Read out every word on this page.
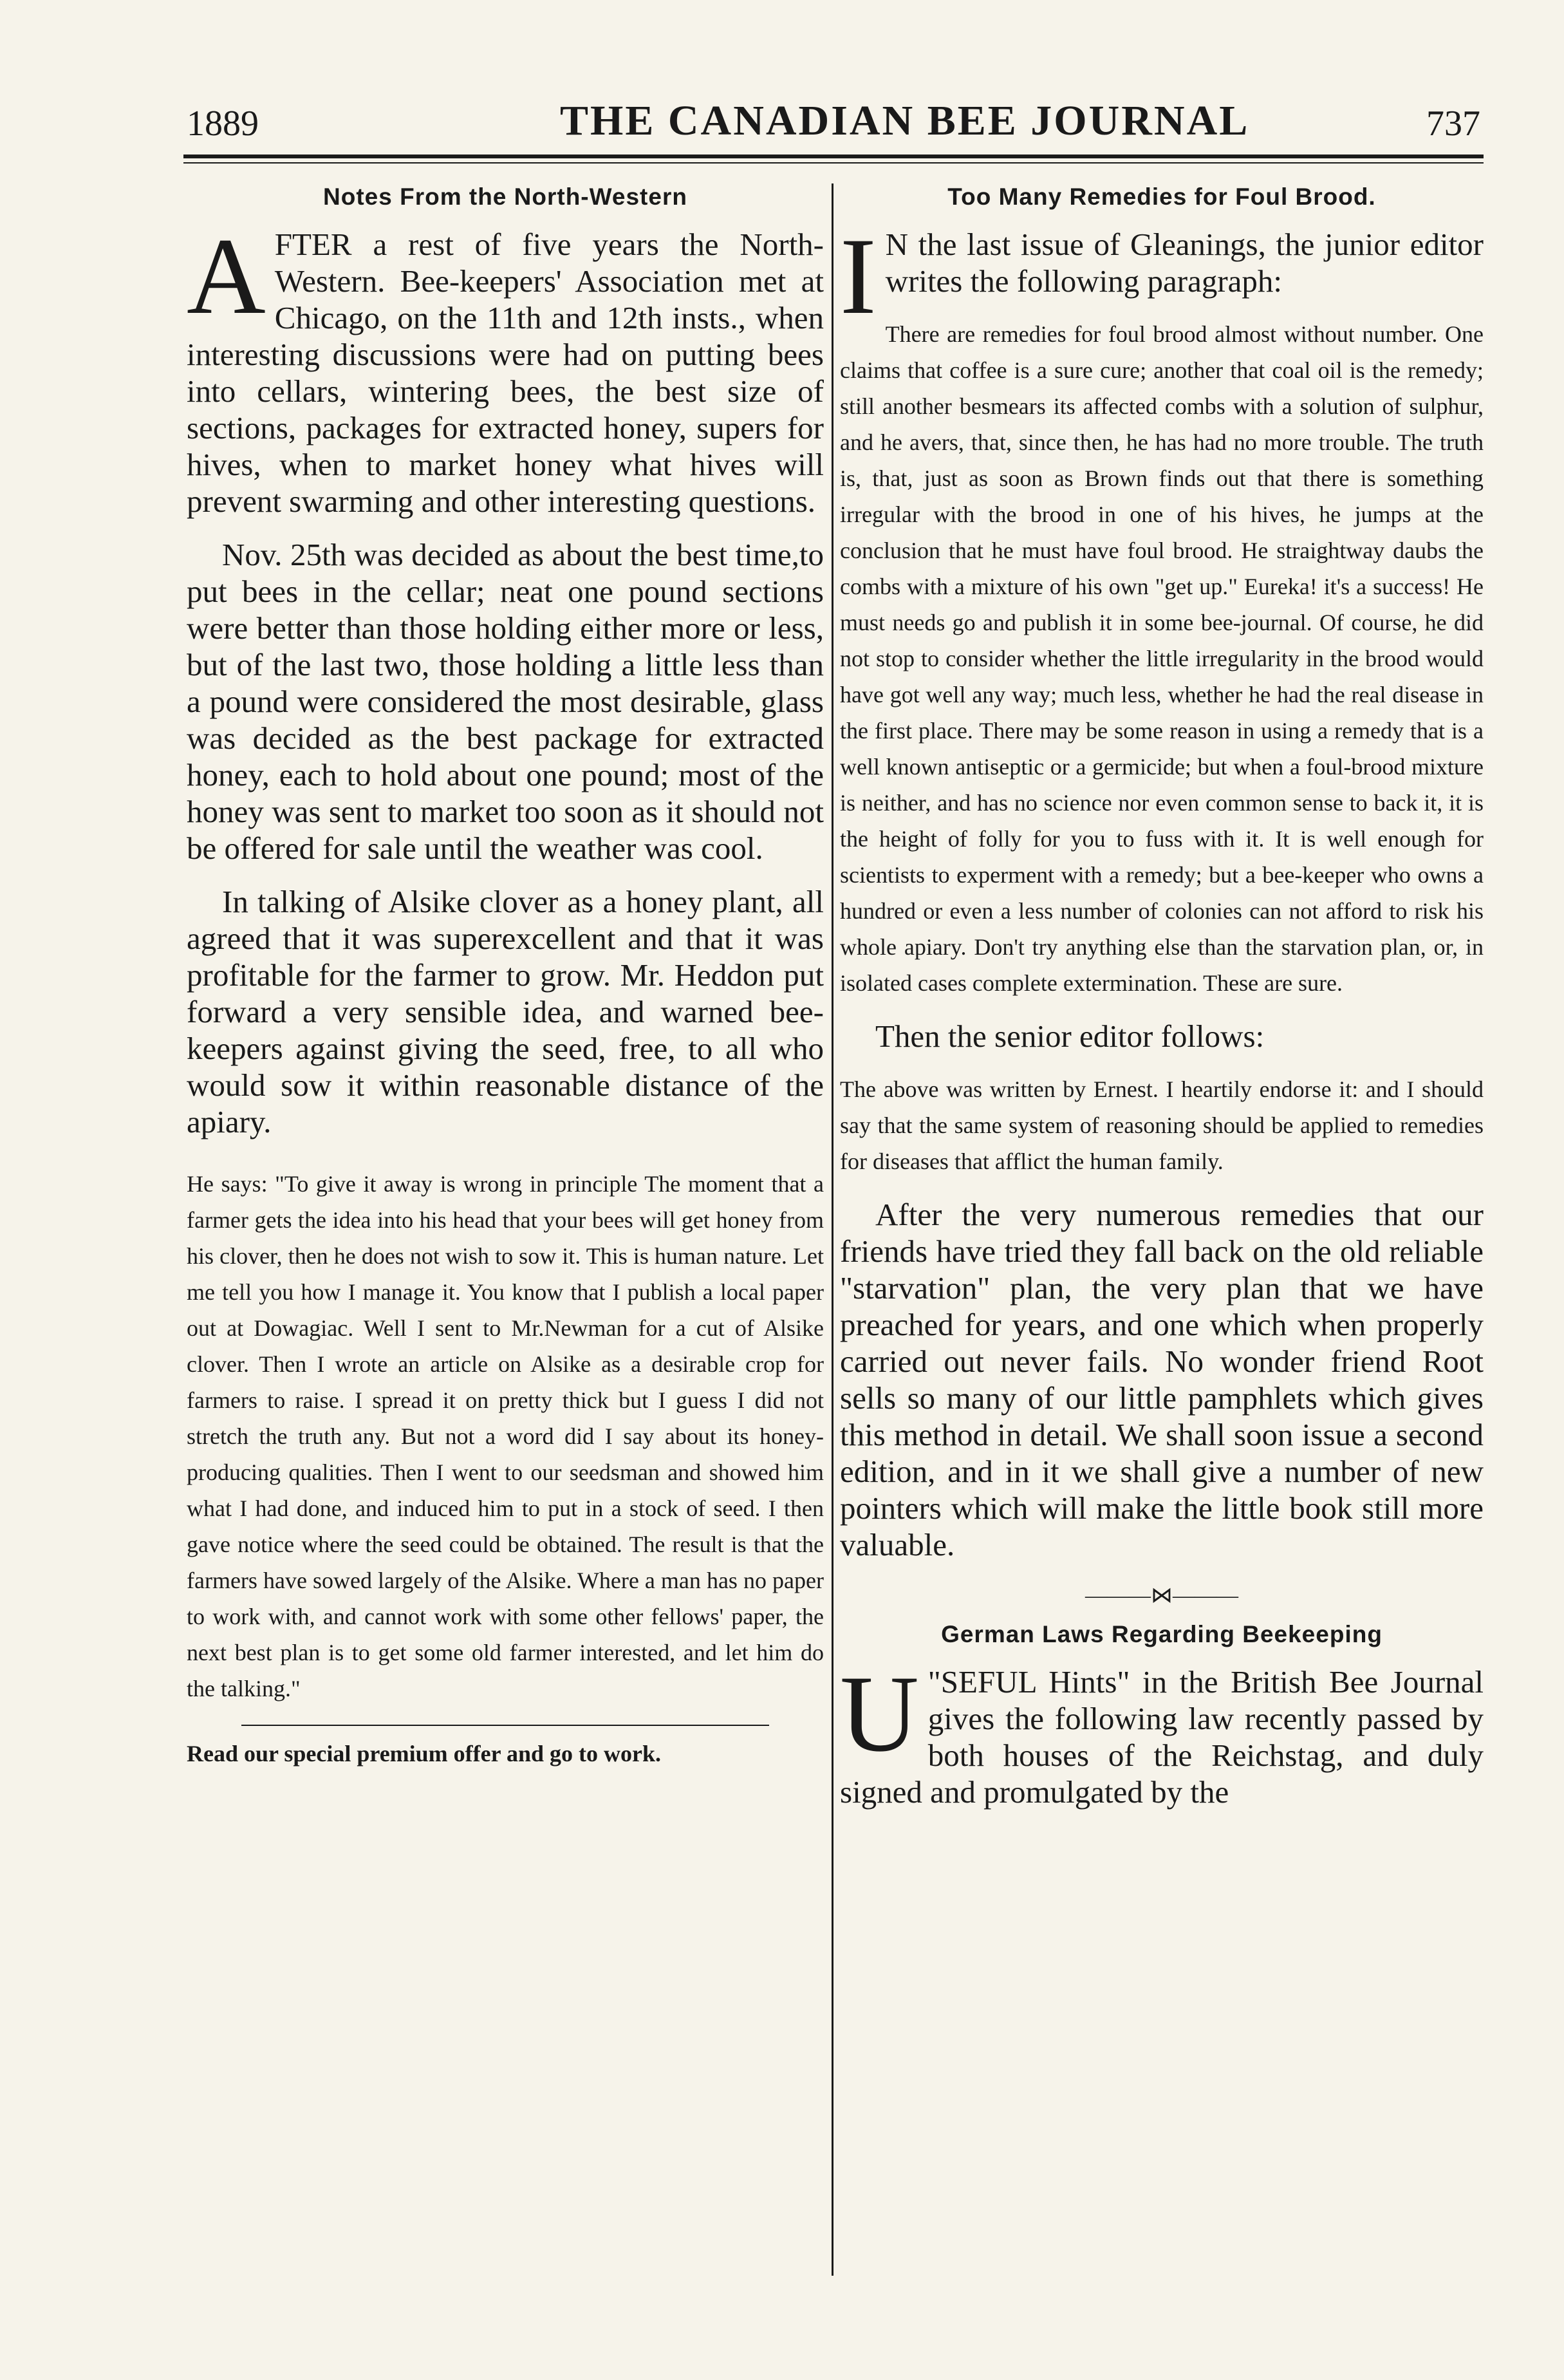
1889	THE CANADIAN BEE JOURNAL	737
Notes From the North-Western

A FTER a rest of five years the North-Western. Bee-keepers' Association met at Chicago, on the 11th and 12th insts., when interesting discussions were had on putting bees into cellars, wintering bees, the best size of sections, packages for extracted honey, supers for hives, when to market honey what hives will prevent swarming and other interesting questions.

Nov. 25th was decided as about the best time,to put bees in the cellar; neat one pound sections were better than those holding either more or less, but of the last two, those holding a little less than a pound were considered the most desirable, glass was decided as the best package for extracted honey, each to hold about one pound; most of the honey was sent to market too soon as it should not be offered for sale until the weather was cool.

In talking of Alsike clover as a honey plant, all agreed that it was superexcellent and that it was profitable for the farmer to grow. Mr. Heddon put forward a very sensible idea, and warned bee-keepers against giving the seed, free, to all who would sow it within reasonable distance of the apiary.

He says: "To give it away is wrong in principle The moment that a farmer gets the idea into his head that your bees will get honey from his clover, then he does not wish to sow it. This is human nature. Let me tell you how I manage it. You know that I publish a local paper out at Dowagiac. Well I sent to Mr.Newman for a cut of Alsike clover. Then I wrote an article on Alsike as a desirable crop for farmers to raise. I spread it on pretty thick but I guess I did not stretch the truth any. But not a word did I say about its honey-producing qualities. Then I went to our seedsman and showed him what I had done, and induced him to put in a stock of seed. I then gave notice where the seed could be obtained. The result is that the farmers have sowed largely of the Alsike. Where a man has no paper to work with, and cannot work with some other fellows' paper, the next best plan is to get some old farmer interested, and let him do the talking."

Read our special premium offer and go to work.

Too Many Remedies for Foul Brood.

I N the last issue of Gleanings, the junior editor writes the following paragraph:

There are remedies for foul brood almost without number. One claims that coffee is a sure cure; another that coal oil is the remedy; still another besmears its affected combs with a solution of sulphur, and he avers, that, since then, he has had no more trouble. The truth is, that, just as soon as Brown finds out that there is something irregular with the brood in one of his hives, he jumps at the conclusion that he must have foul brood. He straightway daubs the combs with a mixture of his own "get up." Eureka! it's a success! He must needs go and publish it in some bee-journal. Of course, he did not stop to consider whether the little irregularity in the brood would have got well any way; much less, whether he had the real disease in the first place. There may be some reason in using a remedy that is a well known antiseptic or a germicide; but when a foul-brood mixture is neither, and has no science nor even common sense to back it, it is the height of folly for you to fuss with it. It is well enough for scientists to experment with a remedy; but a bee-keeper who owns a hundred or even a less number of colonies can not afford to risk his whole apiary. Don't try anything else than the starvation plan, or, in isolated cases complete extermination. These are sure.

Then the senior editor follows:

The above was written by Ernest. I heartily endorse it: and I should say that the same system of reasoning should be applied to remedies for diseases that afflict the human family.

After the very numerous remedies that our friends have tried they fall back on the old reliable "starvation" plan, the very plan that we have preached for years, and one which when properly carried out never fails. No wonder friend Root sells so many of our little pamphlets which gives this method in detail. We shall soon issue a second edition, and in it we shall give a number of new pointers which will make the little book still more valuable.

———⋈———
German Laws Regarding Beekeeping

U "SEFUL Hints" in the British Bee Journal gives the following law recently passed by both houses of the Reichstag, and duly signed and promulgated by the
